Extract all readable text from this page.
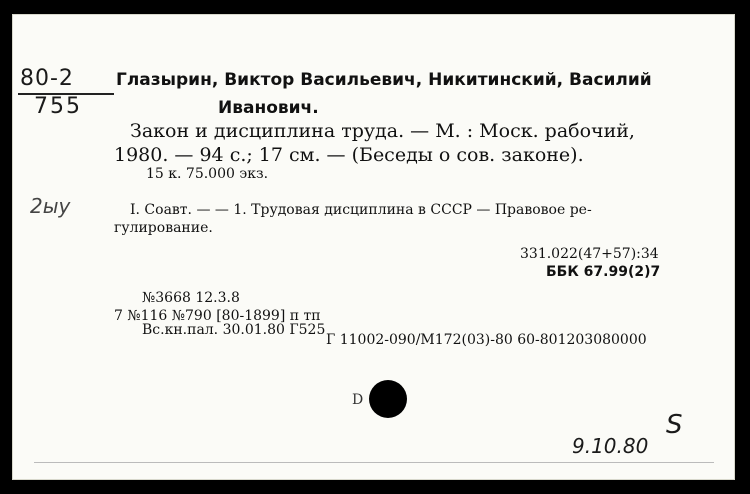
80-2
755
Глазырин, Виктор Васильевич, Никитинский, Василий
Иванович.
Закон и дисциплина труда. — М. : Моск. рабочий,
1980. — 94 с.; 17 см. — (Беседы о сов. законе).
15 к. 75.000 экз.
2ыу	I. Соавт. — — 1. Трудовая дисциплина в СССР — Правовое ре-
гулирование.
331.022(47+57):34
ББК 67.99(2)7
№3668 12.3.8
7 №116 №790 [80-1899] п тп
Вс.кн.пал. 30.01.80 Г525
Г 11002-090/М172(03)-80 60-801203080000
D
9.10.80
S
